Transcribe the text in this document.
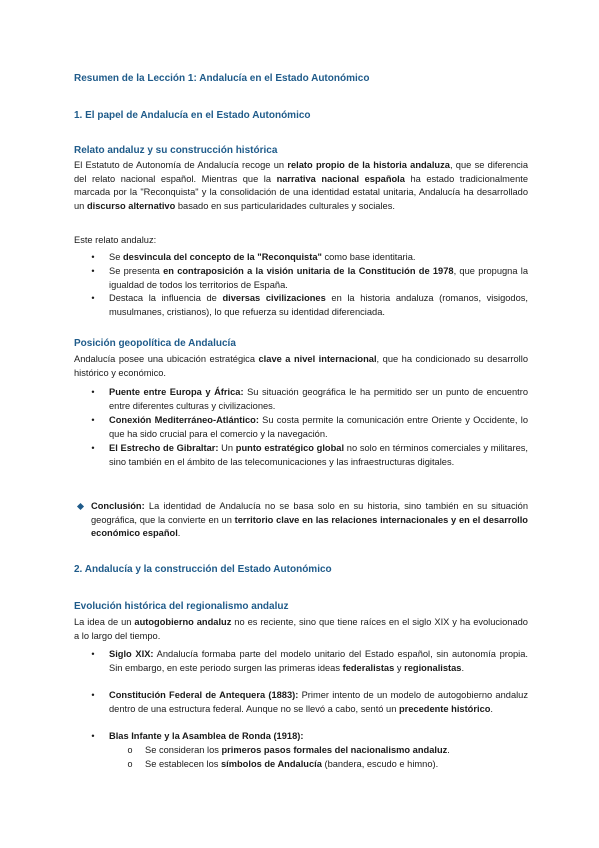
Resumen de la Lección 1: Andalucía en el Estado Autonómico
1. El papel de Andalucía en el Estado Autonómico
Relato andaluz y su construcción histórica
El Estatuto de Autonomía de Andalucía recoge un relato propio de la historia andaluza, que se diferencia del relato nacional español. Mientras que la narrativa nacional española ha estado tradicionalmente marcada por la "Reconquista" y la consolidación de una identidad estatal unitaria, Andalucía ha desarrollado un discurso alternativo basado en sus particularidades culturales y sociales.
Este relato andaluz:
• Se desvincula del concepto de la "Reconquista" como base identitaria.
• Se presenta en contraposición a la visión unitaria de la Constitución de 1978, que propugna la igualdad de todos los territorios de España.
• Destaca la influencia de diversas civilizaciones en la historia andaluza (romanos, visigodos, musulmanes, cristianos), lo que refuerza su identidad diferenciada.
Posición geopolítica de Andalucía
Andalucía posee una ubicación estratégica clave a nivel internacional, que ha condicionado su desarrollo histórico y económico.
• Puente entre Europa y África: Su situación geográfica le ha permitido ser un punto de encuentro entre diferentes culturas y civilizaciones.
• Conexión Mediterráneo-Atlántico: Su costa permite la comunicación entre Oriente y Occidente, lo que ha sido crucial para el comercio y la navegación.
• El Estrecho de Gibraltar: Un punto estratégico global no solo en términos comerciales y militares, sino también en el ámbito de las telecomunicaciones y las infraestructuras digitales.
Conclusión: La identidad de Andalucía no se basa solo en su historia, sino también en su situación geográfica, que la convierte en un territorio clave en las relaciones internacionales y en el desarrollo económico español.
2. Andalucía y la construcción del Estado Autonómico
Evolución histórica del regionalismo andaluz
La idea de un autogobierno andaluz no es reciente, sino que tiene raíces en el siglo XIX y ha evolucionado a lo largo del tiempo.
• Siglo XIX: Andalucía formaba parte del modelo unitario del Estado español, sin autonomía propia. Sin embargo, en este periodo surgen las primeras ideas federalistas y regionalistas.
• Constitución Federal de Antequera (1883): Primer intento de un modelo de autogobierno andaluz dentro de una estructura federal. Aunque no se llevó a cabo, sentó un precedente histórico.
• Blas Infante y la Asamblea de Ronda (1918):
o Se consideran los primeros pasos formales del nacionalismo andaluz.
o Se establecen los símbolos de Andalucía (bandera, escudo e himno).
